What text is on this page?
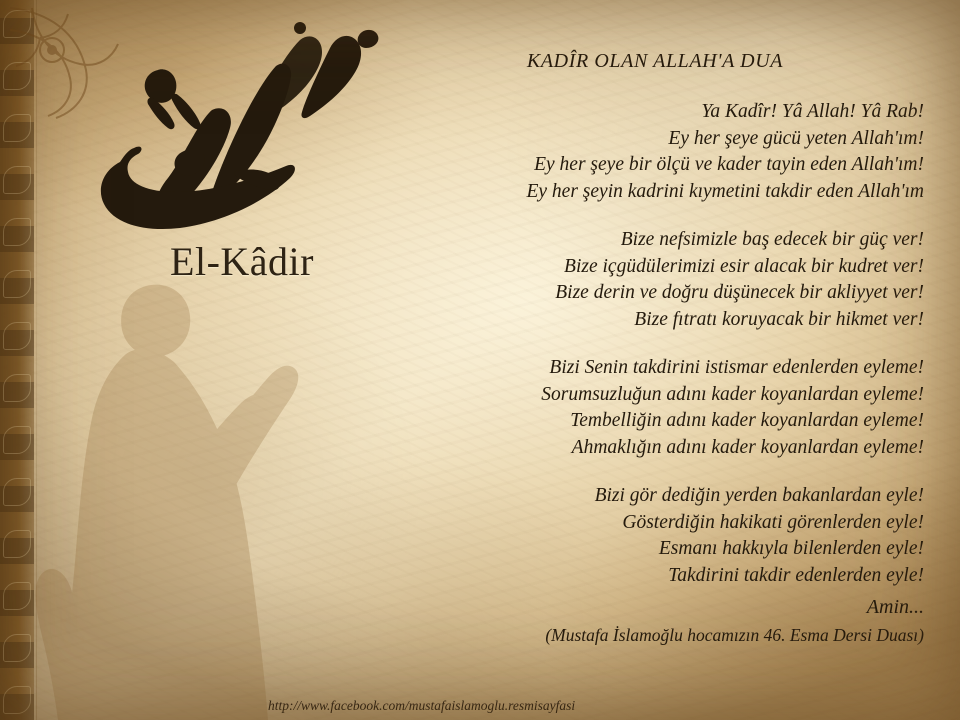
El-Kâdir
KADÎR OLAN ALLAH'A DUA
Ya Kadîr! Yâ Allah! Yâ Rab!
Ey her şeye gücü yeten Allah'ım!
Ey her şeye bir ölçü ve kader tayin eden Allah'ım!
Ey her şeyin kadrini kıymetini takdir eden Allah'ım
Bize nefsimizle baş edecek bir güç ver!
Bize içgüdülerimizi esir alacak bir kudret ver!
Bize derin ve doğru düşünecek bir akliyyet ver!
Bize fıtratı koruyacak bir hikmet ver!
Bizi Senin takdirini istismar edenlerden eyleme!
Sorumsuzluğun adını kader koyanlardan eyleme!
Tembelliğin adını kader koyanlardan eyleme!
Ahmaklığın adını kader koyanlardan eyleme!
Bizi gör dediğin yerden bakanlardan eyle!
Gösterdiğin hakikati görenlerden eyle!
Esmanı hakkıyla bilenlerden eyle!
Takdirini takdir edenlerden eyle!
Amin...
(Mustafa İslamoğlu hocamızın 46. Esma Dersi Duası)
http://www.facebook.com/mustafaislamoglu.resmisayfasi
